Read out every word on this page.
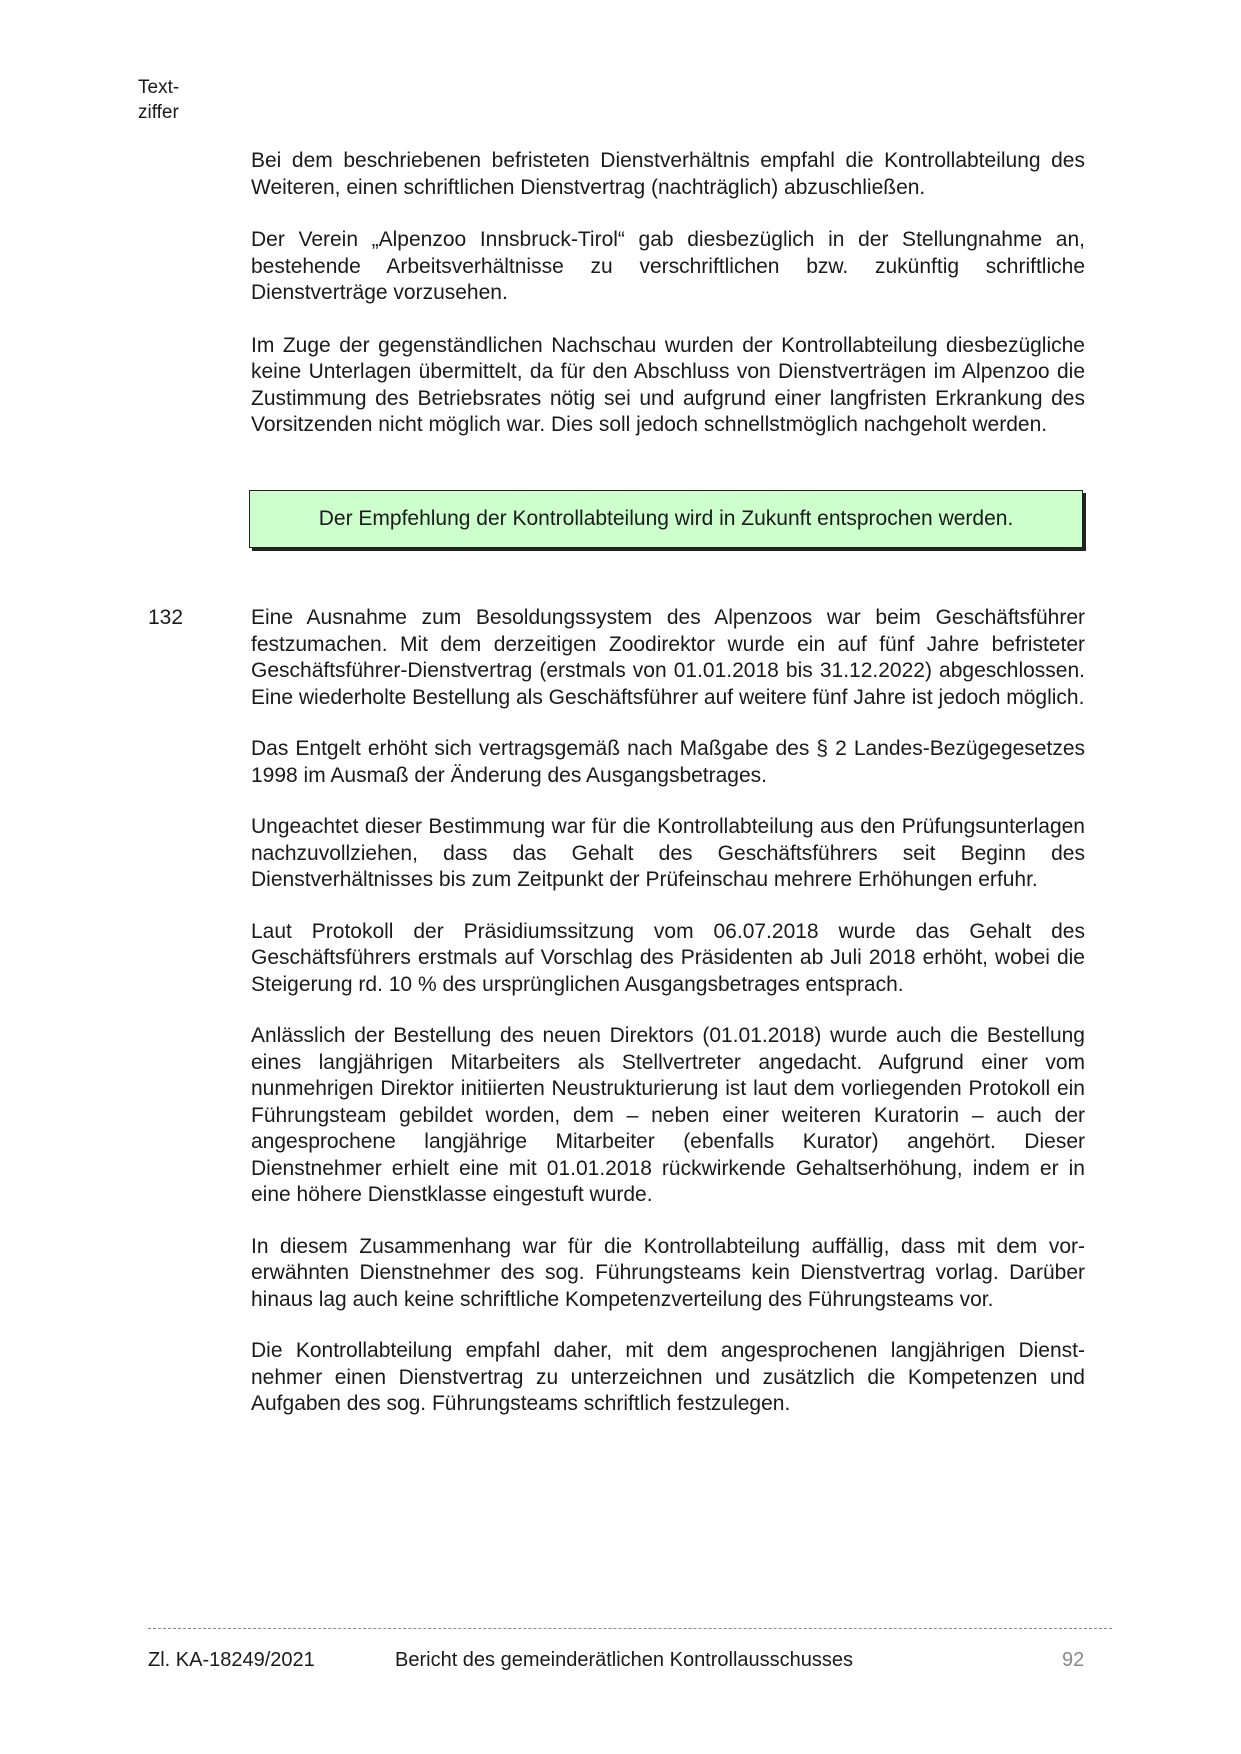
Text-
ziffer

Bei dem beschriebenen befristeten Dienstverhältnis empfahl die Kontrollabteilung des Weiteren, einen schriftlichen Dienstvertrag (nachträglich) abzuschließen.

Der Verein „Alpenzoo Innsbruck-Tirol“ gab diesbezüglich in der Stellungnahme an, bestehende Arbeitsverhältnisse zu verschriftlichen bzw. zukünftig schriftliche Dienstverträge vorzusehen.

Im Zuge der gegenständlichen Nachschau wurden der Kontrollabteilung diesbezügliche keine Unterlagen übermittelt, da für den Abschluss von Dienstverträgen im Alpenzoo die Zustimmung des Betriebsrates nötig sei und aufgrund einer langfristen Erkrankung des Vorsitzenden nicht möglich war. Dies soll jedoch schnellstmöglich nachgeholt werden.

Der Empfehlung der Kontrollabteilung wird in Zukunft entsprochen werden.
132	Eine Ausnahme zum Besoldungssystem des Alpenzoos war beim Geschäftsführer festzumachen. Mit dem derzeitigen Zoodirektor wurde ein auf fünf Jahre befristeter Geschäftsführer-Dienstvertrag (erstmals von 01.01.2018 bis 31.12.2022) abgeschlossen. Eine wiederholte Bestellung als Geschäftsführer auf weitere fünf Jahre ist jedoch möglich.

Das Entgelt erhöht sich vertragsgemäß nach Maßgabe des § 2 Landes-Bezügegesetzes 1998 im Ausmaß der Änderung des Ausgangsbetrages.

Ungeachtet dieser Bestimmung war für die Kontrollabteilung aus den Prüfungsunterlagen nachzuvollziehen, dass das Gehalt des Geschäftsführers seit Beginn des Dienstverhältnisses bis zum Zeitpunkt der Prüfeinschau mehrere Erhöhungen erfuhr.

Laut Protokoll der Präsidiumssitzung vom 06.07.2018 wurde das Gehalt des Geschäftsführers erstmals auf Vorschlag des Präsidenten ab Juli 2018 erhöht, wobei die Steigerung rd. 10 % des ursprünglichen Ausgangsbetrages entsprach.

Anlässlich der Bestellung des neuen Direktors (01.01.2018) wurde auch die Bestellung eines langjährigen Mitarbeiters als Stellvertreter angedacht. Aufgrund einer vom nunmehrigen Direktor initiierten Neustrukturierung ist laut dem vorliegenden Protokoll ein Führungsteam gebildet worden, dem – neben einer weiteren Kuratorin – auch der angesprochene langjährige Mitarbeiter (ebenfalls Kurator) angehört. Dieser Dienstnehmer erhielt eine mit 01.01.2018 rückwirkende Gehaltserhöhung, indem er in eine höhere Dienstklasse eingestuft wurde.

In diesem Zusammenhang war für die Kontrollabteilung auffällig, dass mit dem vorerwähnten Dienstnehmer des sog. Führungsteams kein Dienstvertrag vorlag. Darüber hinaus lag auch keine schriftliche Kompetenzverteilung des Führungsteams vor.

Die Kontrollabteilung empfahl daher, mit dem angesprochenen langjährigen Dienstnehmer einen Dienstvertrag zu unterzeichnen und zusätzlich die Kompetenzen und Aufgaben des sog. Führungsteams schriftlich festzulegen.

Zl. KA-18249/2021	Bericht des gemeinderätlichen Kontrollausschusses	92
